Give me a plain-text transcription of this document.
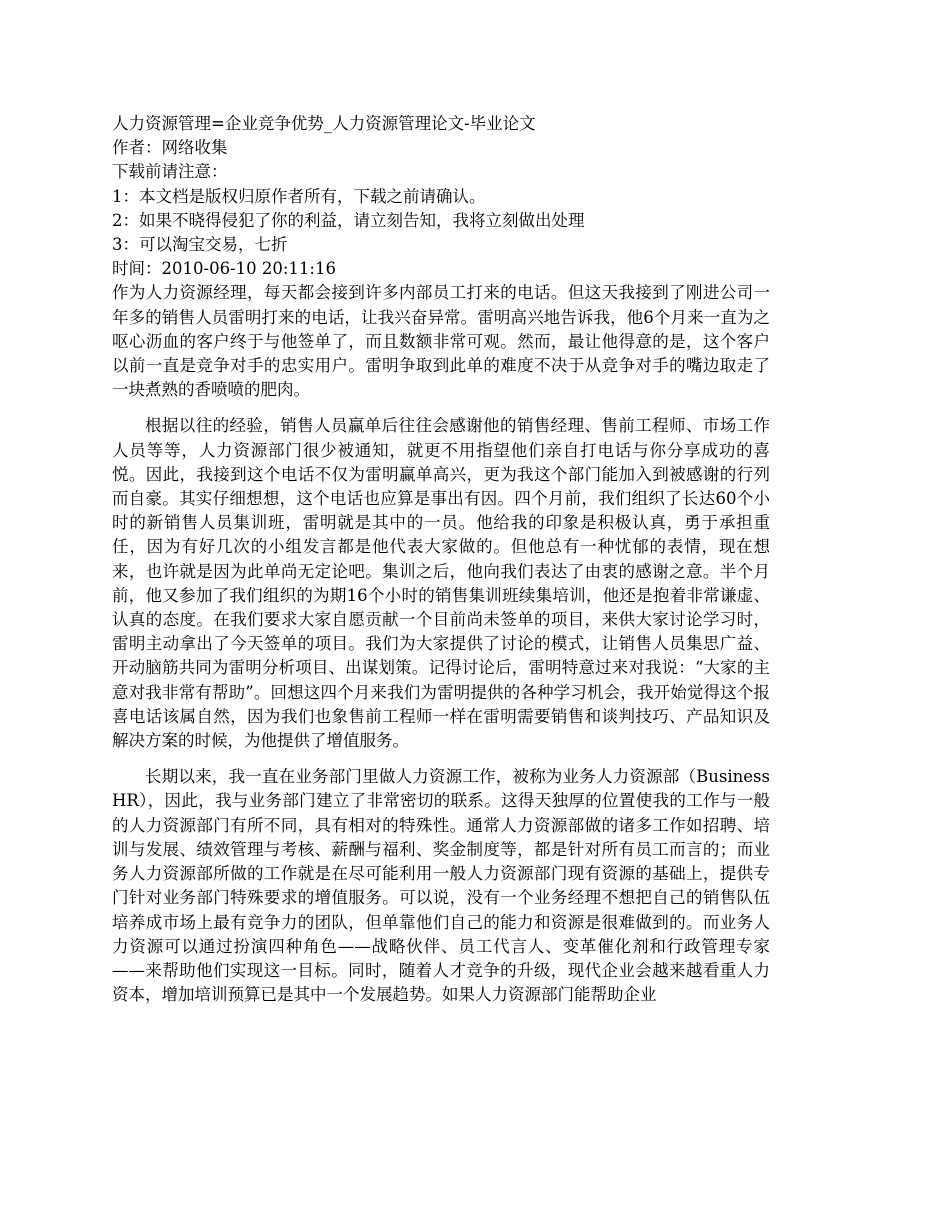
人力资源管理=企业竞争优势_人力资源管理论文-毕业论文
作者：网络收集
下载前请注意：
1：本文档是版权归原作者所有，下载之前请确认。
2：如果不晓得侵犯了你的利益，请立刻告知，我将立刻做出处理
3：可以淘宝交易，七折
时间：2010-06-10 20:11:16

作为人力资源经理，每天都会接到许多内部员工打来的电话。但这天我接到了刚进公司一年多的销售人员雷明打来的电话，让我兴奋异常。雷明高兴地告诉我，他6个月来一直为之呕心沥血的客户终于与他签单了，而且数额非常可观。然而，最让他得意的是，这个客户以前一直是竞争对手的忠实用户。雷明争取到此单的难度不决于从竞争对手的嘴边取走了一块煮熟的香喷喷的肥肉。

根据以往的经验，销售人员赢单后往往会感谢他的销售经理、售前工程师、市场工作人员等等，人力资源部门很少被通知，就更不用指望他们亲自打电话与你分享成功的喜悦。因此，我接到这个电话不仅为雷明赢单高兴，更为我这个部门能加入到被感谢的行列而自豪。其实仔细想想，这个电话也应算是事出有因。四个月前，我们组织了长达60个小时的新销售人员集训班，雷明就是其中的一员。他给我的印象是积极认真，勇于承担重任，因为有好几次的小组发言都是他代表大家做的。但他总有一种忧郁的表情，现在想来，也许就是因为此单尚无定论吧。集训之后，他向我们表达了由衷的感谢之意。半个月前，他又参加了我们组织的为期16个小时的销售集训班续集培训，他还是抱着非常谦虚、认真的态度。在我们要求大家自愿贡献一个目前尚未签单的项目，来供大家讨论学习时，雷明主动拿出了今天签单的项目。我们为大家提供了讨论的模式，让销售人员集思广益、开动脑筋共同为雷明分析项目、出谋划策。记得讨论后，雷明特意过来对我说：“大家的主意对我非常有帮助”。回想这四个月来我们为雷明提供的各种学习机会，我开始觉得这个报喜电话该属自然，因为我们也象售前工程师一样在雷明需要销售和谈判技巧、产品知识及解决方案的时候，为他提供了增值服务。

长期以来，我一直在业务部门里做人力资源工作，被称为业务人力资源部（Business HR），因此，我与业务部门建立了非常密切的联系。这得天独厚的位置使我的工作与一般的人力资源部门有所不同，具有相对的特殊性。通常人力资源部做的诸多工作如招聘、培训与发展、绩效管理与考核、薪酬与福利、奖金制度等，都是针对所有员工而言的；而业务人力资源部所做的工作就是在尽可能利用一般人力资源部门现有资源的基础上，提供专门针对业务部门特殊要求的增值服务。可以说，没有一个业务经理不想把自己的销售队伍培养成市场上最有竞争力的团队，但单靠他们自己的能力和资源是很难做到的。而业务人力资源可以通过扮演四种角色——战略伙伴、员工代言人、变革催化剂和行政管理专家——来帮助他们实现这一目标。同时，随着人才竞争的升级，现代企业会越来越看重人力资本，增加培训预算已是其中一个发展趋势。如果人力资源部门能帮助企业
